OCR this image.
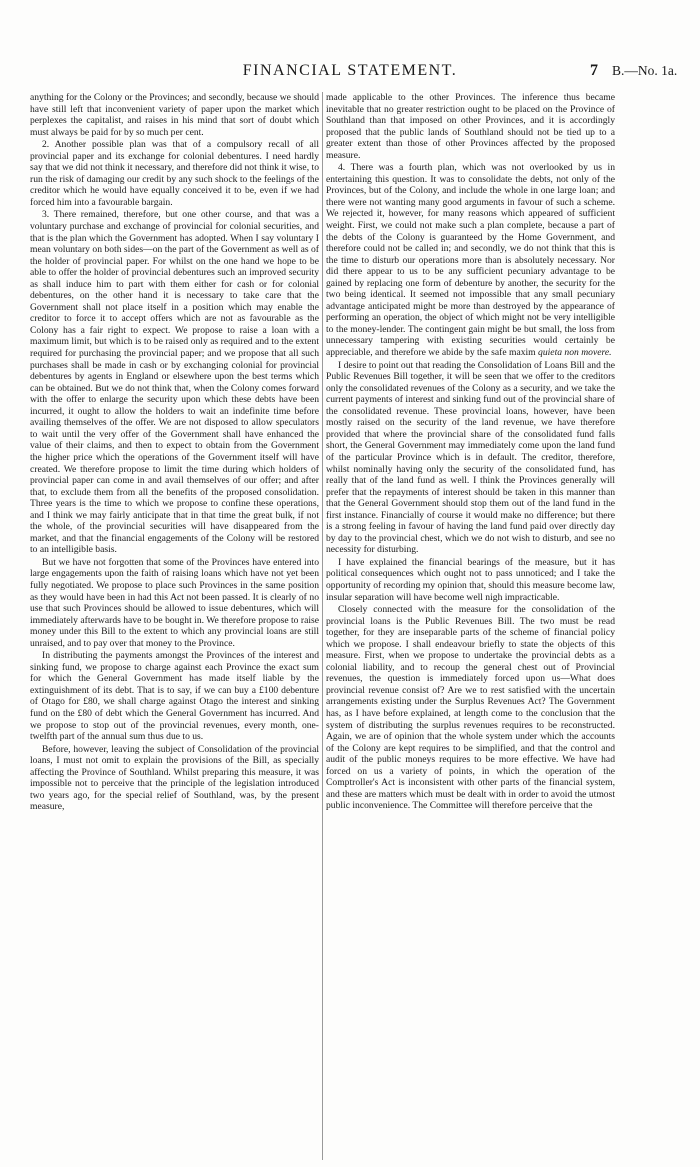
FINANCIAL STATEMENT.	7 B.—No. 1a.

anything for the Colony or the Provinces; and secondly, because we should have still left that inconvenient variety of paper upon the market which perplexes the capitalist, and raises in his mind that sort of doubt which must always be paid for by so much per cent.

2. Another possible plan was that of a compulsory recall of all provincial paper and its exchange for colonial debentures. I need hardly say that we did not think it necessary, and therefore did not think it wise, to run the risk of damaging our credit by any such shock to the feelings of the creditor which he would have equally conceived it to be, even if we had forced him into a favourable bargain.

3. There remained, therefore, but one other course, and that was a voluntary purchase and exchange of provincial for colonial securities, and that is the plan which the Government has adopted. When I say voluntary I mean voluntary on both sides—on the part of the Government as well as of the holder of provincial paper. For whilst on the one hand we hope to be able to offer the holder of provincial debentures such an improved security as shall induce him to part with them either for cash or for colonial debentures, on the other hand it is necessary to take care that the Government shall not place itself in a position which may enable the creditor to force it to accept offers which are not as favourable as the Colony has a fair right to expect. We propose to raise a loan with a maximum limit, but which is to be raised only as required and to the extent required for purchasing the provincial paper; and we propose that all such purchases shall be made in cash or by exchanging colonial for provincial debentures by agents in England or elsewhere upon the best terms which can be obtained. But we do not think that, when the Colony comes forward with the offer to enlarge the security upon which these debts have been incurred, it ought to allow the holders to wait an indefinite time before availing themselves of the offer. We are not disposed to allow speculators to wait until the very offer of the Government shall have enhanced the value of their claims, and then to expect to obtain from the Government the higher price which the operations of the Government itself will have created. We therefore propose to limit the time during which holders of provincial paper can come in and avail themselves of our offer; and after that, to exclude them from all the benefits of the proposed consolidation. Three years is the time to which we propose to confine these operations, and I think we may fairly anticipate that in that time the great bulk, if not the whole, of the provincial securities will have disappeared from the market, and that the financial engagements of the Colony will be restored to an intelligible basis.

But we have not forgotten that some of the Provinces have entered into large engagements upon the faith of raising loans which have not yet been fully negotiated. We propose to place such Provinces in the same position as they would have been in had this Act not been passed. It is clearly of no use that such Provinces should be allowed to issue debentures, which will immediately afterwards have to be bought in. We therefore propose to raise money under this Bill to the extent to which any provincial loans are still unraised, and to pay over that money to the Province.

In distributing the payments amongst the Provinces of the interest and sinking fund, we propose to charge against each Province the exact sum for which the General Government has made itself liable by the extinguishment of its debt. That is to say, if we can buy a £100 debenture of Otago for £80, we shall charge against Otago the interest and sinking fund on the £80 of debt which the General Government has incurred. And we propose to stop out of the provincial revenues, every month, one-twelfth part of the annual sum thus due to us.

Before, however, leaving the subject of Consolidation of the provincial loans, I must not omit to explain the provisions of the Bill, as specially affecting the Province of Southland. Whilst preparing this measure, it was impossible not to perceive that the principle of the legislation introduced two years ago, for the special relief of Southland, was, by the present measure,

made applicable to the other Provinces. The inference thus became inevitable that no greater restriction ought to be placed on the Province of Southland than that imposed on other Provinces, and it is accordingly proposed that the public lands of Southland should not be tied up to a greater extent than those of other Provinces affected by the proposed measure.

4. There was a fourth plan, which was not overlooked by us in entertaining this question. It was to consolidate the debts, not only of the Provinces, but of the Colony, and include the whole in one large loan; and there were not wanting many good arguments in favour of such a scheme. We rejected it, however, for many reasons which appeared of sufficient weight. First, we could not make such a plan complete, because a part of the debts of the Colony is guaranteed by the Home Government, and therefore could not be called in; and secondly, we do not think that this is the time to disturb our operations more than is absolutely necessary. Nor did there appear to us to be any sufficient pecuniary advantage to be gained by replacing one form of debenture by another, the security for the two being identical. It seemed not impossible that any small pecuniary advantage anticipated might be more than destroyed by the appearance of performing an operation, the object of which might not be very intelligible to the money-lender. The contingent gain might be but small, the loss from unnecessary tampering with existing securities would certainly be appreciable, and therefore we abide by the safe maxim quieta non movere.

I desire to point out that reading the Consolidation of Loans Bill and the Public Revenues Bill together, it will be seen that we offer to the creditors only the consolidated revenues of the Colony as a security, and we take the current payments of interest and sinking fund out of the provincial share of the consolidated revenue. These provincial loans, however, have been mostly raised on the security of the land revenue, we have therefore provided that where the provincial share of the consolidated fund falls short, the General Government may immediately come upon the land fund of the particular Province which is in default. The creditor, therefore, whilst nominally having only the security of the consolidated fund, has really that of the land fund as well. I think the Provinces generally will prefer that the repayments of interest should be taken in this manner than that the General Government should stop them out of the land fund in the first instance. Financially of course it would make no difference; but there is a strong feeling in favour of having the land fund paid over directly day by day to the provincial chest, which we do not wish to disturb, and see no necessity for disturbing.

I have explained the financial bearings of the measure, but it has political consequences which ought not to pass unnoticed; and I take the opportunity of recording my opinion that, should this measure become law, insular separation will have become well nigh impracticable.

Closely connected with the measure for the consolidation of the provincial loans is the Public Revenues Bill. The two must be read together, for they are inseparable parts of the scheme of financial policy which we propose. I shall endeavour briefly to state the objects of this measure. First, when we propose to undertake the provincial debts as a colonial liability, and to recoup the general chest out of Provincial revenues, the question is immediately forced upon us—What does provincial revenue consist of? Are we to rest satisfied with the uncertain arrangements existing under the Surplus Revenues Act? The Government has, as I have before explained, at length come to the conclusion that the system of distributing the surplus revenues requires to be reconstructed. Again, we are of opinion that the whole system under which the accounts of the Colony are kept requires to be simplified, and that the control and audit of the public moneys requires to be more effective. We have had forced on us a variety of points, in which the operation of the Comptroller's Act is inconsistent with other parts of the financial system, and these are matters which must be dealt with in order to avoid the utmost public inconvenience. The Committee will therefore perceive that the
